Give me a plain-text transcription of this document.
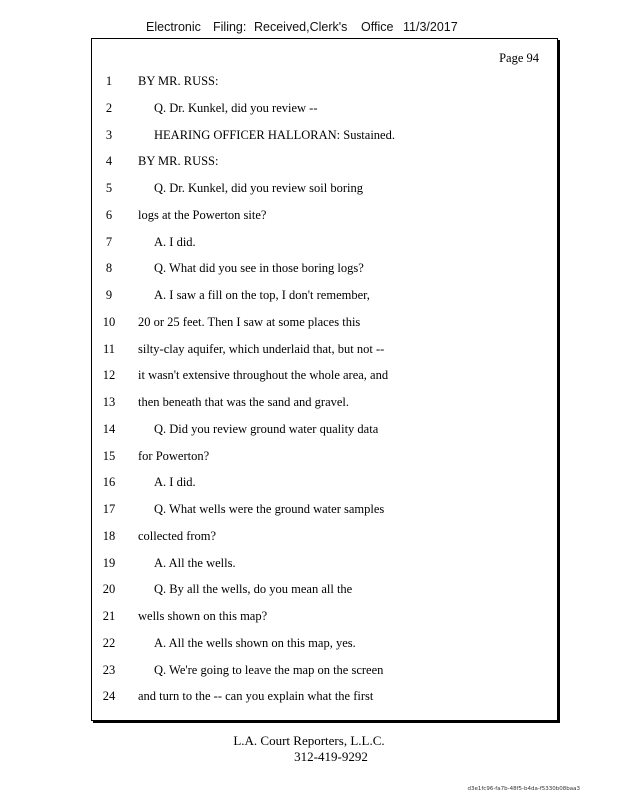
Electronic Filing: Received,Clerk's Office 11/3/2017
Page 94
1	BY MR. RUSS:
2	Q. Dr. Kunkel, did you review --
3	HEARING OFFICER HALLORAN: Sustained.
4	BY MR. RUSS:
5	Q. Dr. Kunkel, did you review soil boring
6	logs at the Powerton site?
7	A. I did.
8	Q. What did you see in those boring logs?
9	A. I saw a fill on the top, I don't remember,
10	20 or 25 feet. Then I saw at some places this
11	silty-clay aquifer, which underlaid that, but not --
12	it wasn't extensive throughout the whole area, and
13	then beneath that was the sand and gravel.
14	Q. Did you review ground water quality data
15	for Powerton?
16	A. I did.
17	Q. What wells were the ground water samples
18	collected from?
19	A. All the wells.
20	Q. By all the wells, do you mean all the
21	wells shown on this map?
22	A. All the wells shown on this map, yes.
23	Q. We're going to leave the map on the screen
24	and turn to the -- can you explain what the first
L.A. Court Reporters, L.L.C.

312-419-9292
d3e1fc96-fa7b-48f5-b4da-f5330b08baa3
